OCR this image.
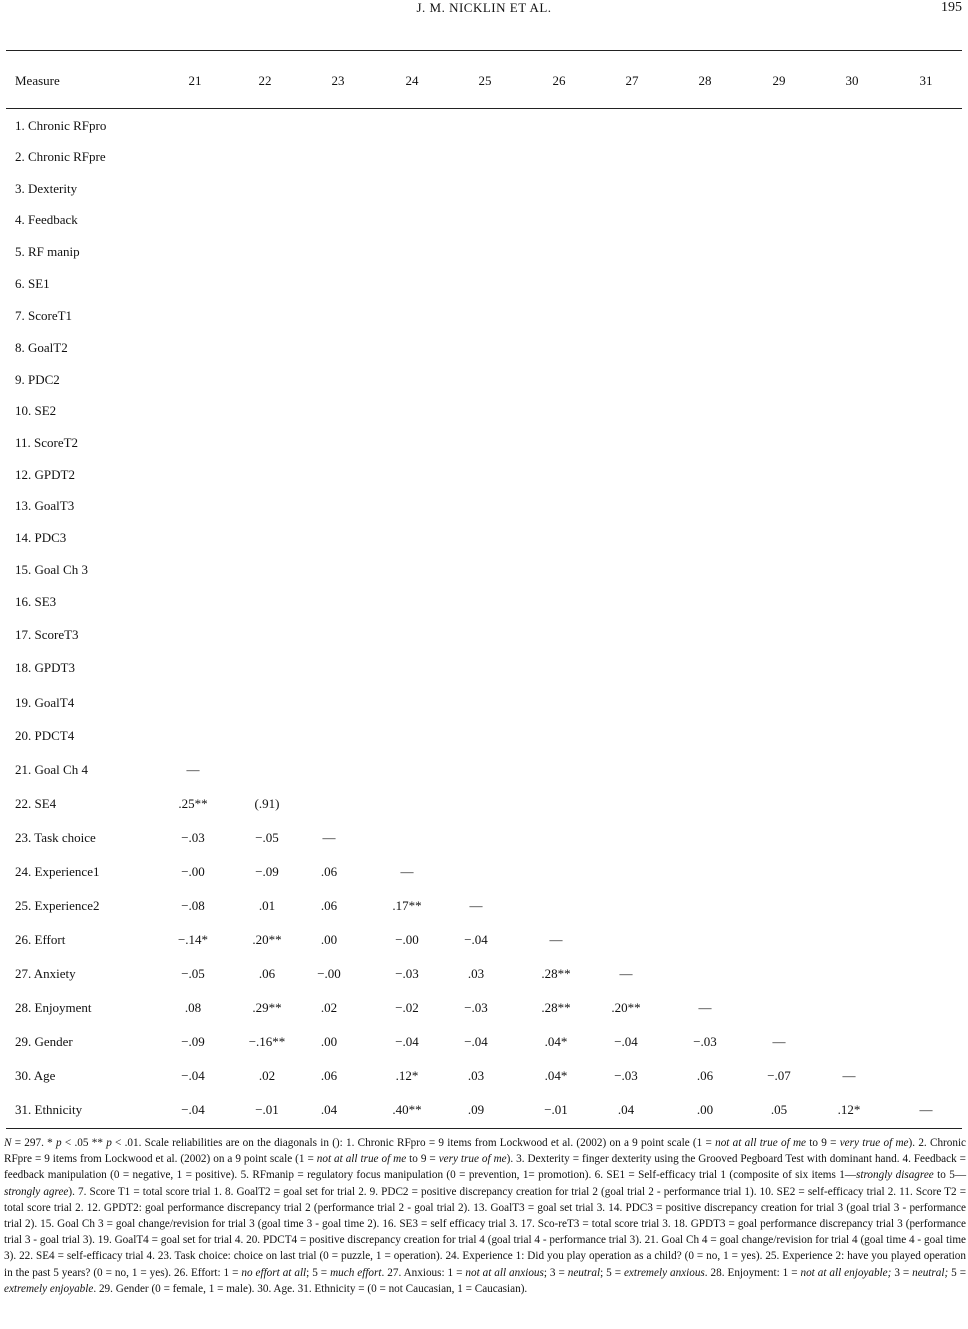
J. M. NICKLIN ET AL.	195
Measure	21	22	23	24	25	26	27	28	29	30	31
1. Chronic RFpro
2. Chronic RFpre
3. Dexterity
4. Feedback
5. RF manip
6. SE1
7. ScoreT1
8. GoalT2
9. PDC2
10. SE2
11. ScoreT2
12. GPDT2
13. GoalT3
14. PDC3
15. Goal Ch 3
16. SE3
17. ScoreT3
18. GPDT3
19. GoalT4
20. PDCT4
21. Goal Ch 4	—
22. SE4	.25**	(.91)
23. Task choice	−.03	−.05	—
24. Experience1	−.00	−.09	.06	—
25. Experience2	−.08	.01	.06	.17**	—
26. Effort	−.14*	.20**	.00	−.00	−.04	—
27. Anxiety	−.05	.06	−.00	−.03	.03	.28**	—
28. Enjoyment	.08	.29**	.02	−.02	−.03	.28**	.20**	—
29. Gender	−.09	−.16**	.00	−.04	−.04	.04*	−.04	−.03	—
30. Age	−.04	.02	.06	.12*	.03	.04*	−.03	.06	−.07	—
31. Ethnicity	−.04	−.01	.04	.40**	.09	−.01	.04	.00	.05	.12*	—
N = 297. * p < .05 ** p < .01. Scale reliabilities are on the diagonals in (): 1. Chronic RFpro = 9 items from Lockwood et al. (2002) on a 9 point scale (1 = not at all true of me to 9 = very true of me). 2. Chronic RFpre = 9 items from Lockwood et al. (2002) on a 9 point scale (1 = not at all true of me to 9 = very true of me). 3. Dexterity = finger dexterity using the Grooved Pegboard Test with dominant hand. 4. Feedback = feedback manipulation (0 = negative, 1 = positive). 5. RFmanip = regulatory focus manipulation (0 = prevention, 1= promotion). 6. SE1 = Self-efficacy trial 1 (composite of six items 1—strongly disagree to 5—strongly agree). 7. Score T1 = total score trial 1. 8. GoalT2 = goal set for trial 2. 9. PDC2 = positive discrepancy creation for trial 2 (goal trial 2 - performance trial 1). 10. SE2 = self-efficacy trial 2. 11. Score T2 = total score trial 2. 12. GPDT2: goal performance discrepancy trial 2 (performance trial 2 - goal trial 2). 13. GoalT3 = goal set trial 3. 14. PDC3 = positive discrepancy creation for trial 3 (goal trial 3 - performance trial 2). 15. Goal Ch 3 = goal change/revision for trial 3 (goal time 3 - goal time 2). 16. SE3 = self efficacy trial 3. 17. Sco-reT3 = total score trial 3. 18. GPDT3 = goal performance discrepancy trial 3 (performance trial 3 - goal trial 3). 19. GoalT4 = goal set for trial 4. 20. PDCT4 = positive discrepancy creation for trial 4 (goal trial 4 - performance trial 3). 21. Goal Ch 4 = goal change/revision for trial 4 (goal time 4 - goal time 3). 22. SE4 = self-efficacy trial 4. 23. Task choice: choice on last trial (0 = puzzle, 1 = operation). 24. Experience 1: Did you play operation as a child? (0 = no, 1 = yes). 25. Experience 2: have you played operation in the past 5 years? (0 = no, 1 = yes). 26. Effort: 1 = no effort at all; 5 = much effort. 27. Anxious: 1 = not at all anxious; 3 = neutral; 5 = extremely anxious. 28. Enjoyment: 1 = not at all enjoyable; 3 = neutral; 5 = extremely enjoyable. 29. Gender (0 = female, 1 = male). 30. Age. 31. Ethnicity = (0 = not Caucasian, 1 = Caucasian).
